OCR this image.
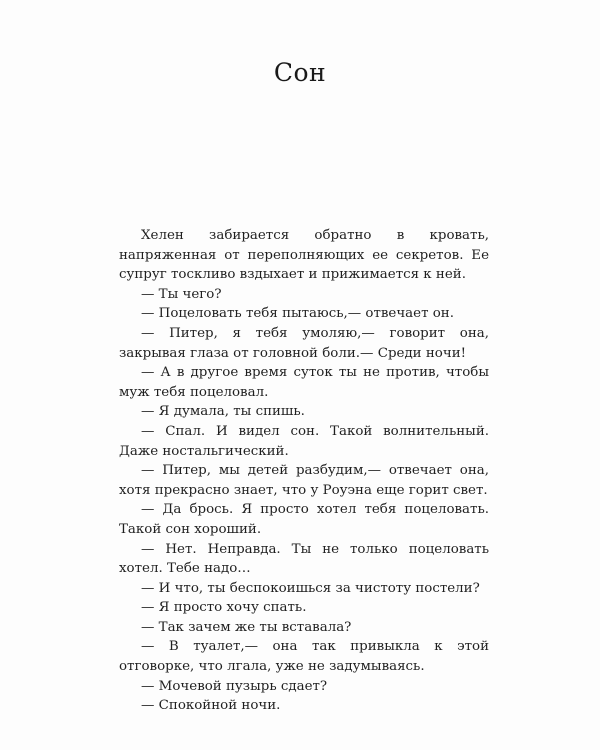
Сон

Хелен забирается обратно в кровать, напряженная от переполняющих ее секретов. Ее супруг тоскливо вздыхает и прижимается к ней.

— Ты чего?

— Поцеловать тебя пытаюсь,— отвечает он.

— Питер, я тебя умоляю,— говорит она, закрывая глаза от головной боли.— Среди ночи!

— А в другое время суток ты не против, чтобы муж тебя поцеловал.

— Я думала, ты спишь.

— Спал. И видел сон. Такой волнительный. Даже ностальгический.

— Питер, мы детей разбудим,— отвечает она, хотя прекрасно знает, что у Роуэна еще горит свет.

— Да брось. Я просто хотел тебя поцеловать. Такой сон хороший.

— Нет. Неправда. Ты не только поцеловать хотел. Тебе надо…

— И что, ты беспокоишься за чистоту постели?

— Я просто хочу спать.

— Так зачем же ты вставала?

— В туалет,— она так привыкла к этой отговорке, что лгала, уже не задумываясь.

— Мочевой пузырь сдает?

— Спокойной ночи.
